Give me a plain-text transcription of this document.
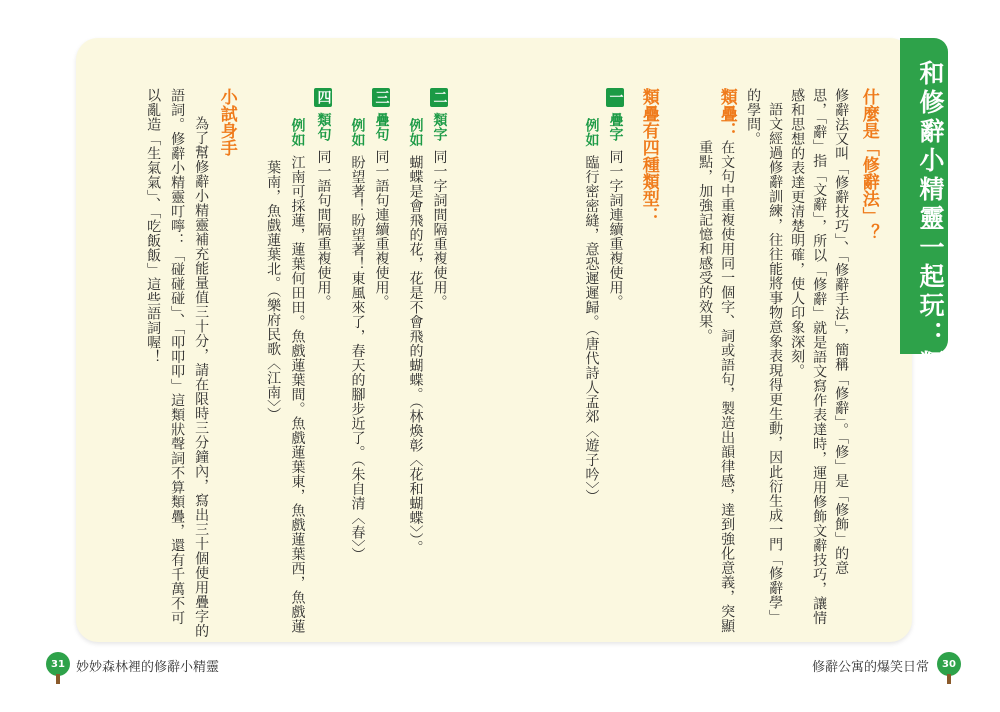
和修辭小精靈一起玩：類疊
什麼是「修辭法」？
修辭法又叫「修辭技巧」、「修辭手法」，簡稱「修辭」。「修」是「修飾」的意
思，「辭」指「文辭」，所以「修辭」就是語文寫作表達時，運用修飾文辭技巧，讓情
感和思想的表達更清楚明確，使人印象深刻。
語文經過修辭訓練，往往能將事物意象表現得更生動，因此衍生成一門「修辭學」
的學問。
類疊：
在文句中重複使用同一個字、詞或語句，製造出韻律感，達到強化意義，突顯
重點，加強記憶和感受的效果。
類疊有四種類型：
一疊字同一字詞連續重複使用。
例如臨行密密縫，意恐遲遲歸。（唐代詩人孟郊〈遊子吟〉）
二類字同一字詞間隔重複使用。
例如蝴蝶是會飛的花，花是不會飛的蝴蝶。（林煥彰〈花和蝴蝶〉）。
三疊句同一語句連續重複使用。
例如盼望著！盼望著！東風來了，春天的腳步近了。（朱自清〈春〉）
四類句同一語句間隔重複使用。
例如江南可採蓮，蓮葉何田田。魚戲蓮葉間。魚戲蓮葉東，魚戲蓮葉西，魚戲蓮
葉南，魚戲蓮葉北。（樂府民歌〈江南〉）
小試身手
為了幫修辭小精靈補充能量值三十分，請在限時三分鐘內，寫出三十個使用疊字的
語詞。修辭小精靈叮嚀：「碰碰碰」、「叩叩叩」這類狀聲詞不算類疊，還有千萬不可
以亂造「生氣氣」、「吃飯飯」這些語詞喔！
31 妙妙森林裡的修辭小精靈	修辭公寓的爆笑日常	30
